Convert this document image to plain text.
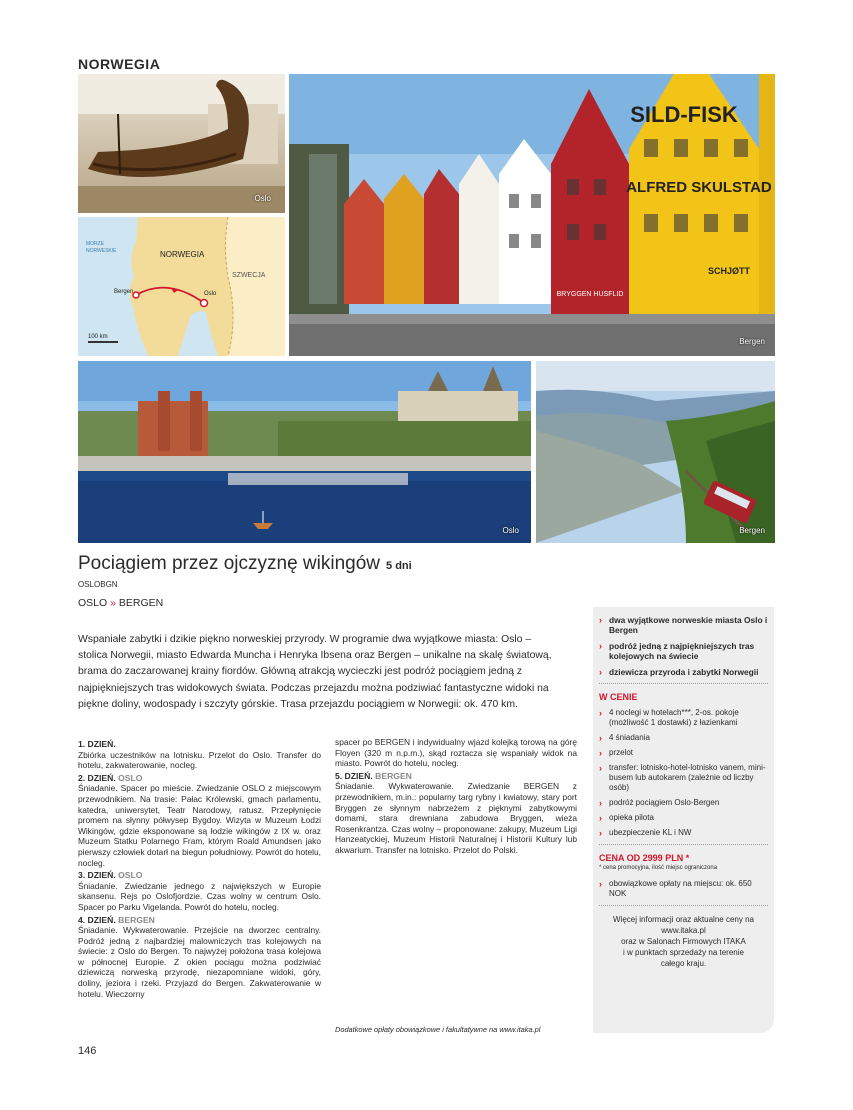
NORWEGIA
Oslo
MORZE
NORWESKIE	NORWEGIA
SZWECJA
Bergen	Oslo
100 km
SILD-FISK
ALFRED SKULSTAD
SCHJØTT
BRYGGEN HUSFLID
Bergen
Oslo	Bergen
Pociągiem przez ojczyznę wikingów 5 dni
OSLOBGN
OSLO » BERGEN
Wspaniałe zabytki i dzikie piękno norweskiej przyrody. W programie dwa wyjątkowe miasta: Oslo – stolica Norwegii, miasto Edwarda Muncha i Henryka Ibsena oraz Bergen – unikalne na skalę światową, brama do zaczarowanej krainy fiordów. Główną atrakcją wycieczki jest podróż pociągiem jedną z najpiękniejszych tras widokowych świata. Podczas przejazdu można podziwiać fantastyczne widoki na piękne doliny, wodospady i szczyty górskie. Trasa przejazdu pociągiem w Norwegii: ok. 470 km.
1. DZIEŃ.
Zbiórka uczestników na lotnisku. Przelot do Oslo. Transfer do hotelu, zakwaterowanie, nocleg.
2. DZIEŃ. OSLO
Śniadanie. Spacer po mieście. Zwiedzanie OSLO z miejscowym przewodnikiem. Na trasie: Pałac Królewski, gmach parlamentu, katedra, uniwersytet, Teatr Narodowy, ratusz. Przepłynięcie promem na słynny półwysep Bygdoy. Wizyta w Muzeum Łodzi Wikingów, gdzie eksponowane są łodzie wikingów z IX w. oraz Muzeum Statku Polarnego Fram, którym Roald Amundsen jako pierwszy człowiek dotarł na biegun południowy. Powrót do hotelu, nocleg.
3. DZIEŃ. OSLO
Śniadanie. Zwiedzanie jednego z największych w Europie skansenu. Rejs po Oslofjordzie. Czas wolny w centrum Oslo. Spacer po Parku Vigelanda. Powrót do hotelu, nocleg.
4. DZIEŃ. BERGEN
Śniadanie. Wykwaterowanie. Przejście na dworzec centralny. Podróż jedną z najbardziej malowniczych tras kolejowych na świecie: z Oslo do Bergen. To najwyżej położona trasa kolejowa w północnej Europie. Z okien pociągu można podziwiać dziewiczą norweską przyrodę, niezapomniane widoki, góry, doliny, jeziora i rzeki. Przyjazd do Bergen. Zakwaterowanie w hotelu. Wieczorny
spacer po BERGEN i indywidualny wjazd kolejką torową na górę Floyen (320 m n.p.m.), skąd roztacza się wspaniały widok na miasto. Powrót do hotelu, nocleg.
5. DZIEŃ. BERGEN
Śniadanie. Wykwaterowanie. Zwiedzanie BERGEN z przewodnikiem, m.in.: popularny targ rybny i kwiatowy, stary port Bryggen ze słynnym nabrzeżem z pięknymi zabytkowymi domami, stara drewniana zabudowa Bryggen, wieża Rosenkrantza. Czas wolny – proponowane: zakupy, Muzeum Ligi Hanzeatyckiej, Muzeum Historii Naturalnej i Historii Kultury lub akwarium. Transfer na lotnisko. Przelot do Polski.
Dodatkowe opłaty obowiązkowe i fakultatywne na www.itaka.pl
146
› dwa wyjątkowe norweskie miasta Oslo i Bergen
› podróż jedną z najpiękniejszych tras kolejowych na świecie
› dziewicza przyroda i zabytki Norwegii
W CENIE
› 4 noclegi w hotelach***, 2-os. pokoje (możliwość 1 dostawki) z łazienkami
› 4 śniadania
› przelot
› transfer: lotnisko-hotel-lotnisko vanem, mini-busem lub autokarem (zależnie od liczby osób)
› podróż pociągiem Oslo-Bergen
› opieka pilota
› ubezpieczenie KL i NW
CENA OD 2999 PLN *
* cena promocyjna, ilość miejsc ograniczona
› obowiązkowe opłaty na miejscu: ok. 650 NOK
Więcej informacji oraz aktualne ceny na
www.itaka.pl
oraz w Salonach Firmowych ITAKA
i w punktach sprzedaży na terenie
całego kraju.
